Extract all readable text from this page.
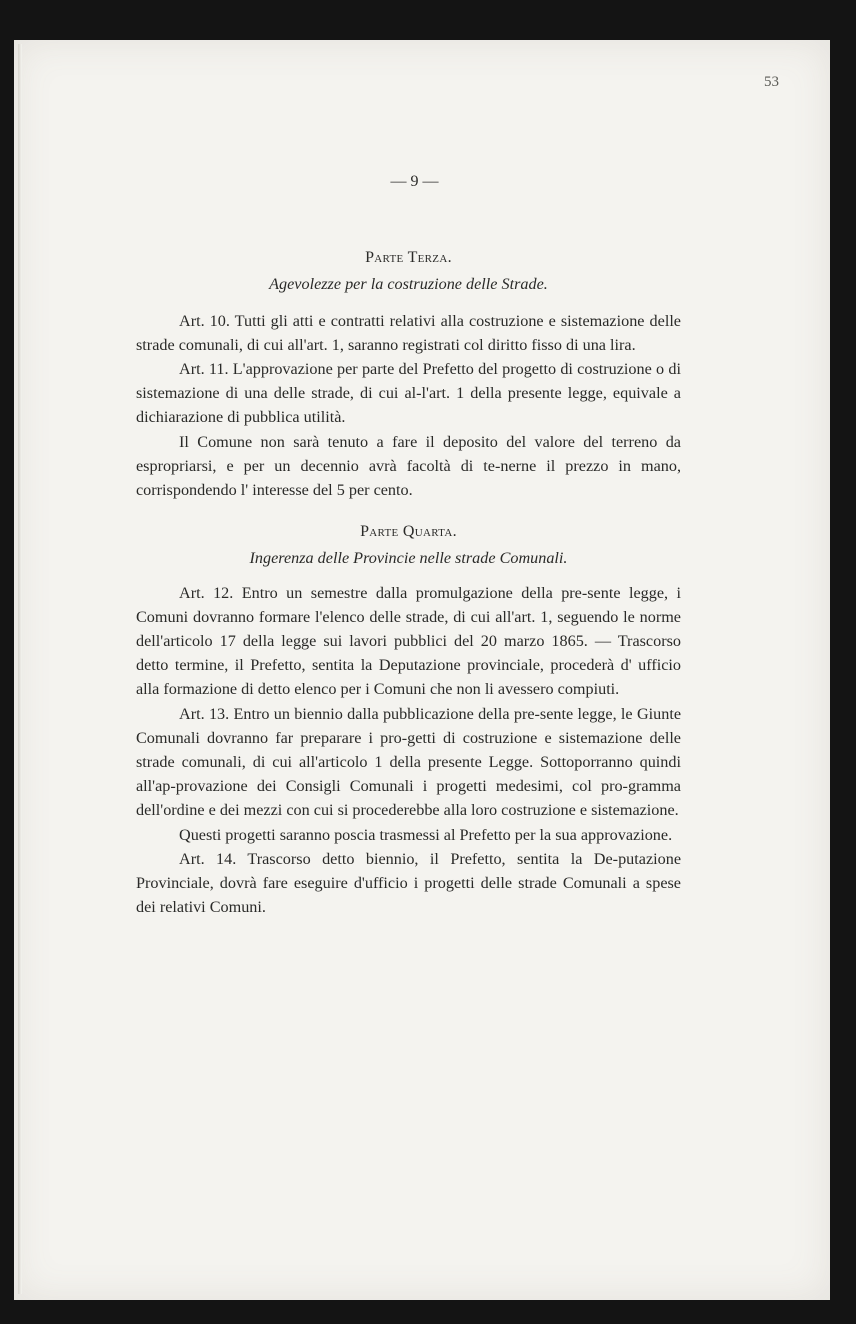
53
— 9 —
Parte Terza.
Agevolezze per la costruzione delle Strade.

Art. 10. Tutti gli atti e contratti relativi alla costruzione e sistemazione delle strade comunali, di cui all'art. 1, saranno registrati col diritto fisso di una lira.

Art. 11. L'approvazione per parte del Prefetto del progetto di costruzione o di sistemazione di una delle strade, di cui al-l'art. 1 della presente legge, equivale a dichiarazione di pubblica utilità.

Il Comune non sarà tenuto a fare il deposito del valore del terreno da espropriarsi, e per un decennio avrà facoltà di te-nerne il prezzo in mano, corrispondendo l' interesse del 5 per cento.

Parte Quarta.
Ingerenza delle Provincie nelle strade Comunali.

Art. 12. Entro un semestre dalla promulgazione della pre-sente legge, i Comuni dovranno formare l'elenco delle strade, di cui all'art. 1, seguendo le norme dell'articolo 17 della legge sui lavori pubblici del 20 marzo 1865. — Trascorso detto termine, il Prefetto, sentita la Deputazione provinciale, procederà d' ufficio alla formazione di detto elenco per i Comuni che non li avessero compiuti.

Art. 13. Entro un biennio dalla pubblicazione della pre-sente legge, le Giunte Comunali dovranno far preparare i pro-getti di costruzione e sistemazione delle strade comunali, di cui all'articolo 1 della presente Legge. Sottoporranno quindi all'ap-provazione dei Consigli Comunali i progetti medesimi, col pro-gramma dell'ordine e dei mezzi con cui si procederebbe alla loro costruzione e sistemazione.

Questi progetti saranno poscia trasmessi al Prefetto per la sua approvazione.

Art. 14. Trascorso detto biennio, il Prefetto, sentita la De-putazione Provinciale, dovrà fare eseguire d'ufficio i progetti delle strade Comunali a spese dei relativi Comuni.
